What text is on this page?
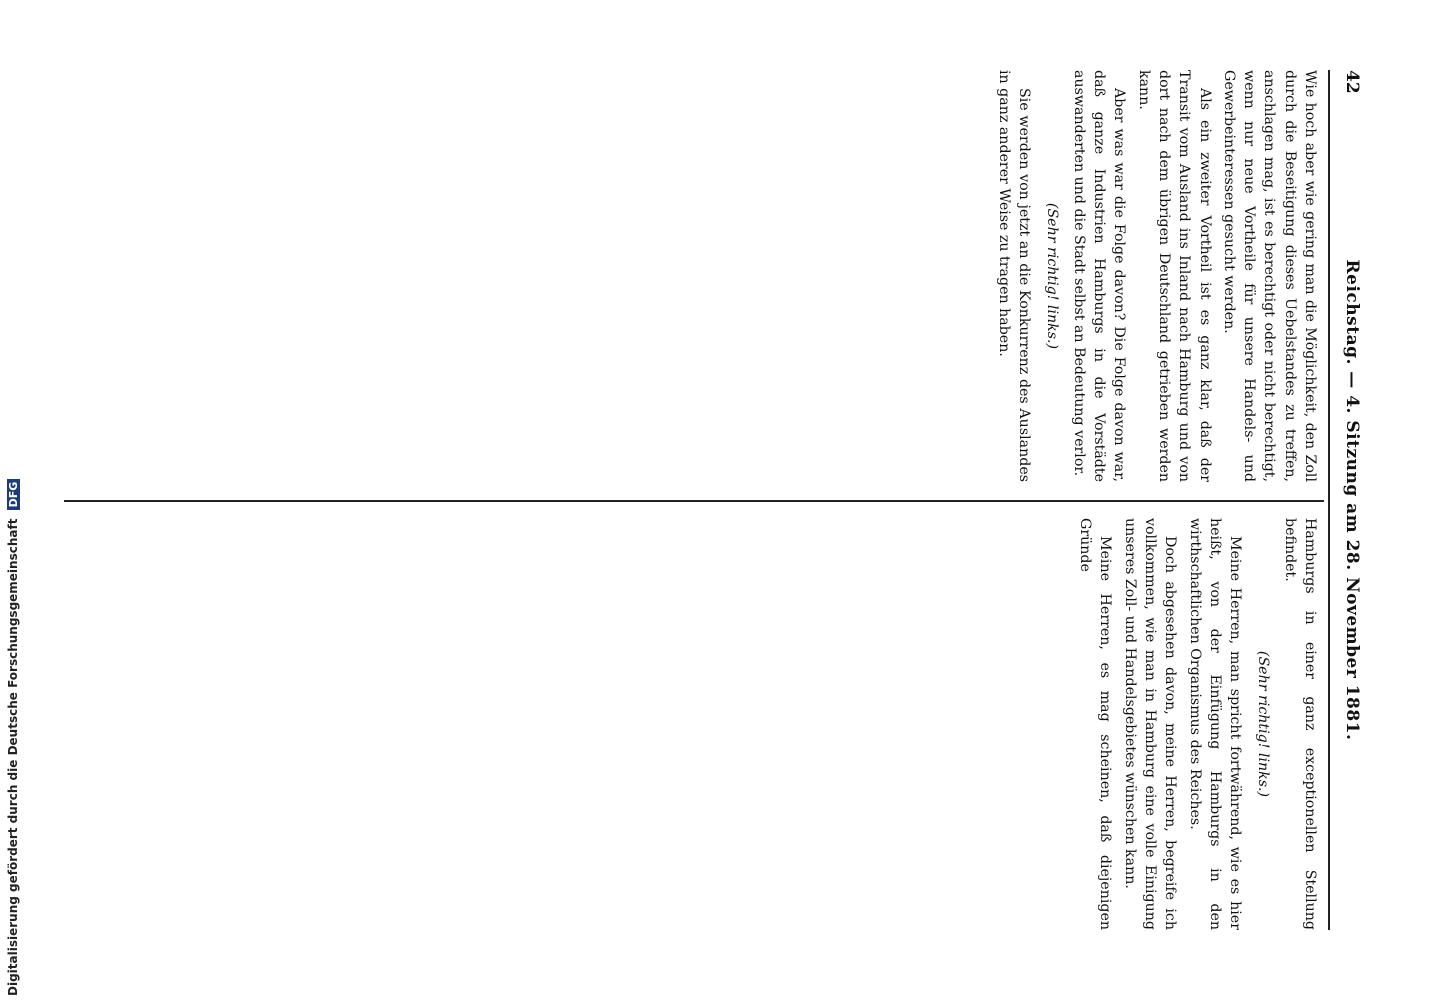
42
Reichstag. — 4. Sitzung am 28. November 1881.

Wie hoch aber wie gering man die Möglichkeit, den Zoll durch die Beseitigung dieses Uebelstandes zu treffen, anschlagen mag, ist es berechtigt oder nicht berechtigt, wenn nur neue Vortheile für unsere Handels- und Gewerbeinteressen gesucht werden.

Als ein zweiter Vortheil ist es ganz klar, daß der Transit vom Ausland ins Inland nach Hamburg und von dort nach dem übrigen Deutschland getrieben werden kann.

Aber was war die Folge davon? Die Folge davon war, daß ganze Industrien Hamburgs in die Vorstädte auswanderten und die Stadt selbst an Bedeutung verlor.

(Sehr richtig! links.)

Sie werden von jetzt an die Konkurrenz des Auslandes in ganz anderer Weise zu tragen haben.

Hamburgs in einer ganz exceptionellen Stellung befindet.

(Sehr richtig! links.)

Meine Herren, man spricht fortwährend, wie es hier heißt, von der Einfügung Hamburgs in den wirthschaftlichen Organismus des Reiches.

Doch abgesehen davon, meine Herren, begreife ich vollkommen, wie man in Hamburg eine volle Einigung unseres Zoll- und Handelsgebietes wünschen kann.

Meine Herren, es mag scheinen, daß diejenigen Gründe

Digitalisierung gefördert durch die Deutsche Forschungsgemeinschaft DFG
